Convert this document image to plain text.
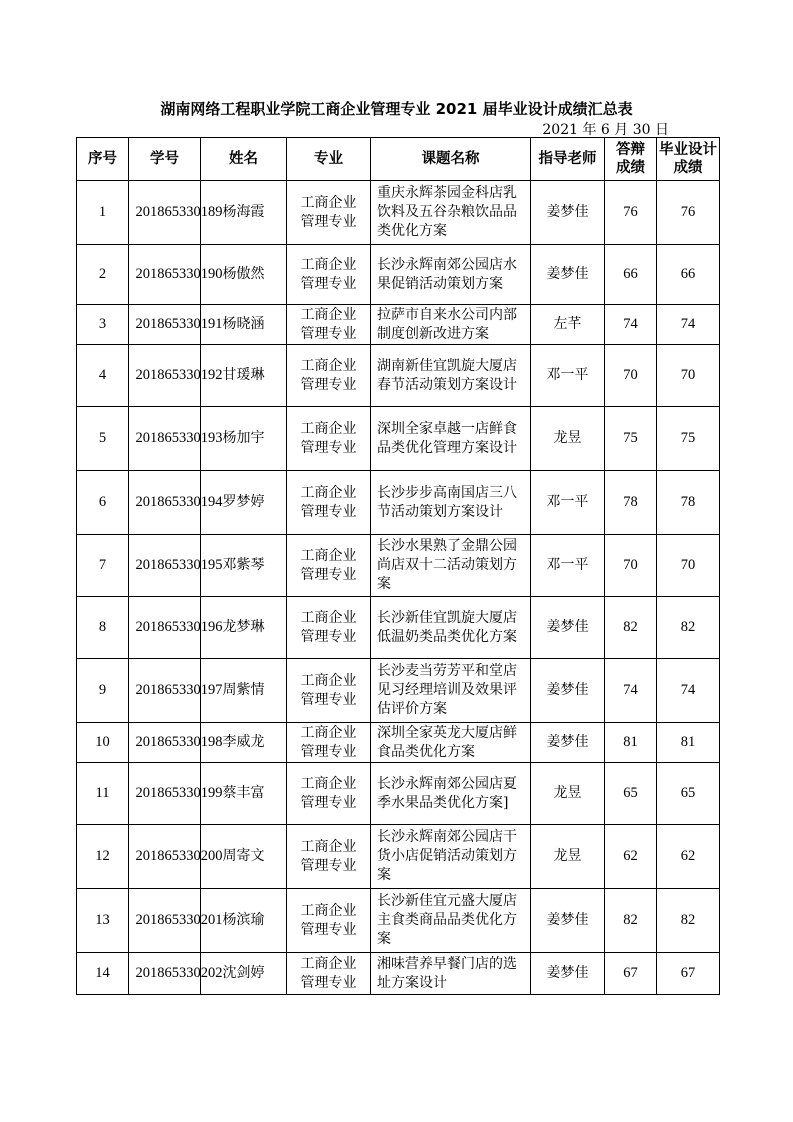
湖南网络工程职业学院工商企业管理专业 2021 届毕业设计成绩汇总表
2021 年 6 月 30 日
序号	学号	姓名	专业	课题名称	指导老师	答辩成绩	毕业设计成绩
1	201865330189	杨海霞	工商企业管理专业	重庆永辉茶园金科店乳饮料及五谷杂粮饮品品类优化方案	姜梦佳	76	76
2	201865330190	杨傲然	工商企业管理专业	长沙永辉南郊公园店水果促销活动策划方案	姜梦佳	66	66
3	201865330191	杨晓涵	工商企业管理专业	拉萨市自来水公司内部制度创新改进方案	左芊	74	74
4	201865330192	甘瑗琳	工商企业管理专业	湖南新佳宜凯旋大厦店春节活动策划方案设计	邓一平	70	70
5	201865330193	杨加宇	工商企业管理专业	深圳全家卓越一店鲜食品类优化管理方案设计	龙昱	75	75
6	201865330194	罗梦婷	工商企业管理专业	长沙步步高南国店三八节活动策划方案设计	邓一平	78	78
7	201865330195	邓紫琴	工商企业管理专业	长沙水果熟了金鼎公园尚店双十二活动策划方案	邓一平	70	70
8	201865330196	龙梦琳	工商企业管理专业	长沙新佳宜凯旋大厦店低温奶类品类优化方案	姜梦佳	82	82
9	201865330197	周紫情	工商企业管理专业	长沙麦当劳芳平和堂店见习经理培训及效果评估评价方案	姜梦佳	74	74
10	201865330198	李威龙	工商企业管理专业	深圳全家英龙大厦店鲜食品类优化方案	姜梦佳	81	81
11	201865330199	蔡丰富	工商企业管理专业	长沙永辉南郊公园店夏季水果品类优化方案]	龙昱	65	65
12	201865330200	周寄文	工商企业管理专业	长沙永辉南郊公园店干货小店促销活动策划方案	龙昱	62	62
13	201865330201	杨滨瑜	工商企业管理专业	长沙新佳宜元盛大厦店主食类商品品类优化方案	姜梦佳	82	82
14	201865330202	沈剑婷	工商企业管理专业	湘味营养早餐门店的选址方案设计	姜梦佳	67	67
